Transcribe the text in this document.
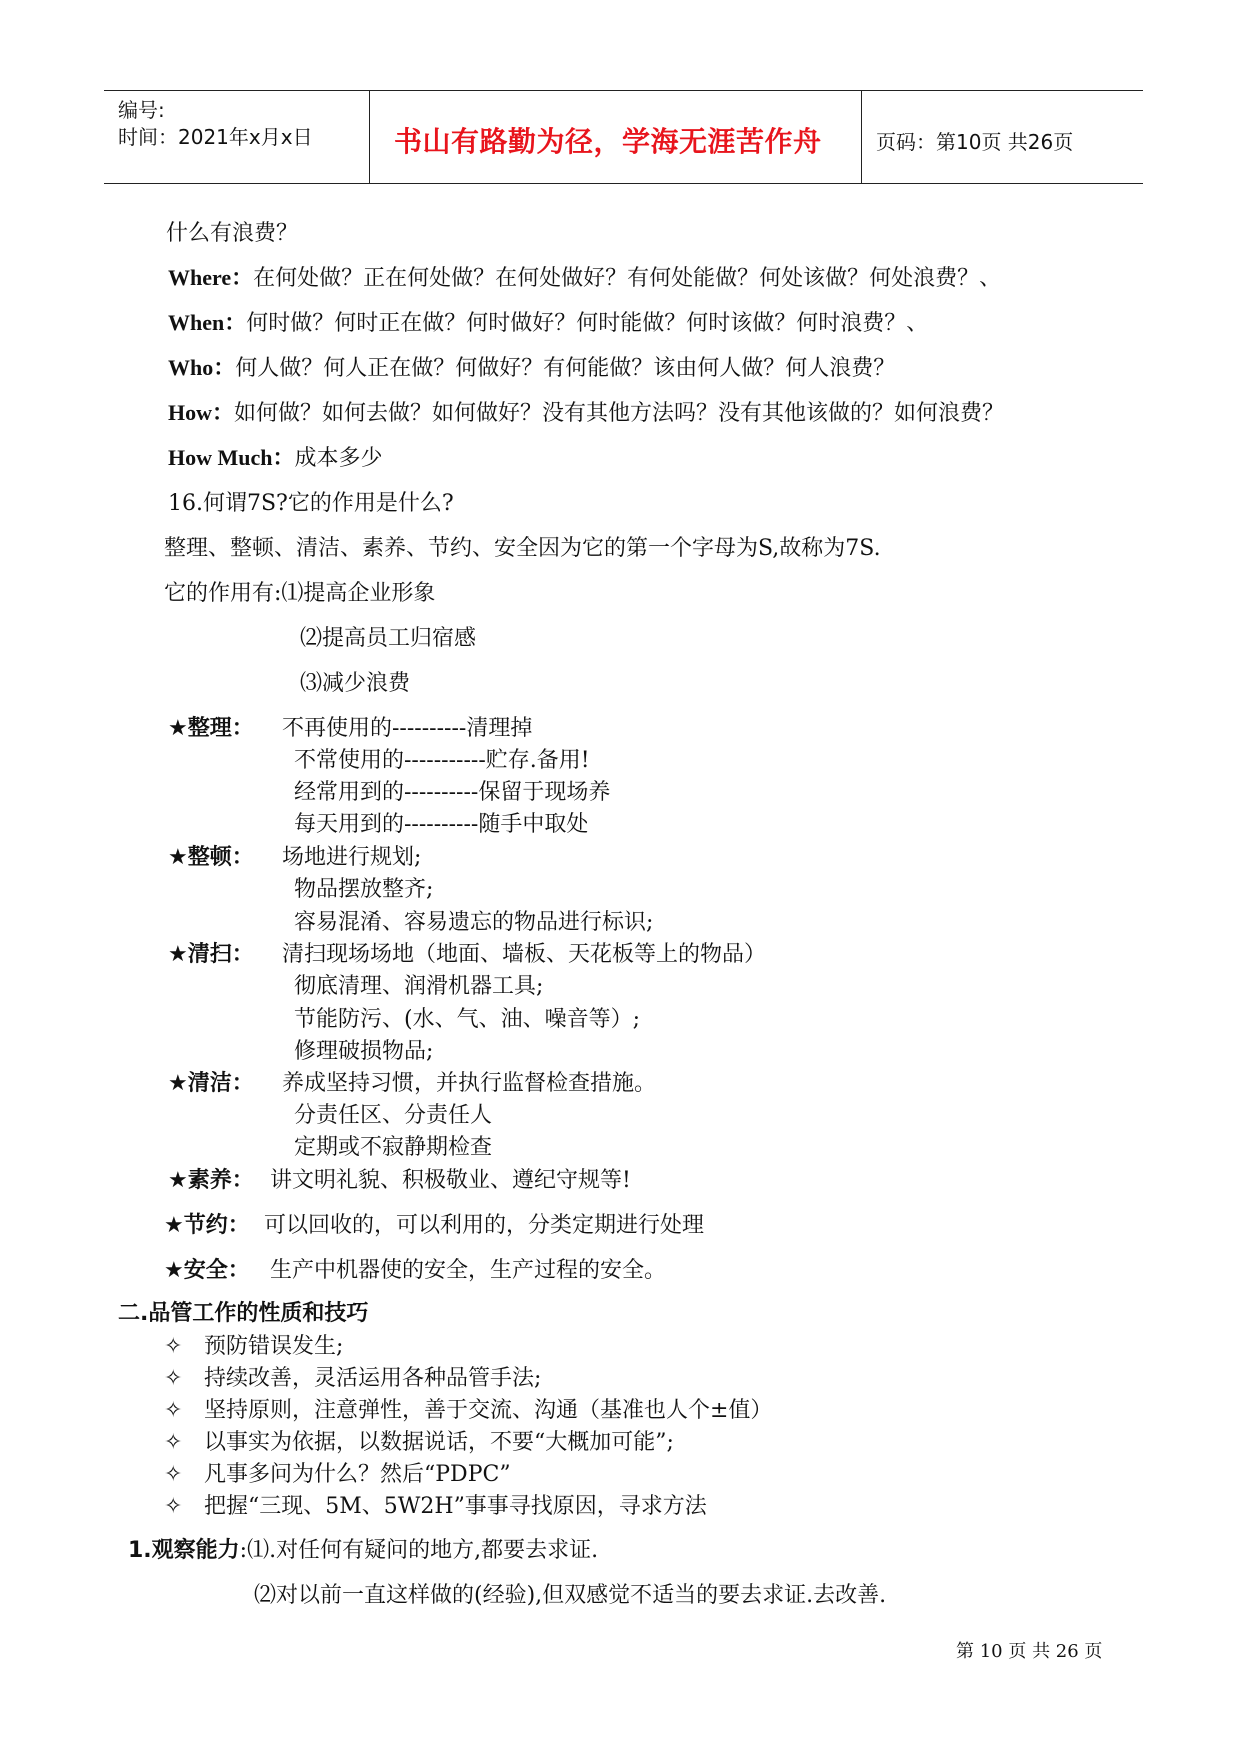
编号:
时间：2021年x月x日	书山有路勤为径，学海无涯苦作舟	页码：第10页 共26页
什么有浪费？
Where：在何处做？正在何处做？在何处做好？有何处能做？何处该做？何处浪费？、
When：何时做？何时正在做？何时做好？何时能做？何时该做？何时浪费？、
Who：何人做？何人正在做？何做好？有何能做？该由何人做？何人浪费？
How：如何做？如何去做？如何做好？没有其他方法吗？没有其他该做的？如何浪费？
How Much：成本多少
16.何谓7S?它的作用是什么?
整理、整顿、清洁、素养、节约、安全因为它的第一个字母为S,故称为7S.
它的作用有:⑴提高企业形象
⑵提高员工归宿感
⑶减少浪费
★整理： 不再使用的----------清理掉
不常使用的-----------贮存.备用!
经常用到的----------保留于现场养
每天用到的----------随手中取处
★整顿： 场地进行规划;
物品摆放整齐;
容易混淆、容易遗忘的物品进行标识;
★清扫： 清扫现场场地（地面、墙板、天花板等上的物品）
彻底清理、润滑机器工具;
节能防污、(水、气、油、噪音等）;
修理破损物品;
★清洁： 养成坚持习惯，并执行监督检查措施。
分责任区、分责任人
定期或不寂静期检查
★素养： 讲文明礼貌、积极敬业、遵纪守规等!
★节约： 可以回收的，可以利用的，分类定期进行处理
★安全： 生产中机器使的安全，生产过程的安全。
二.品管工作的性质和技巧
✧ 预防错误发生;
✧ 持续改善，灵活运用各种品管手法;
✧ 坚持原则，注意弹性，善于交流、沟通（基准也人个±值）
✧ 以事实为依据，以数据说话，不要“大概加可能”;
✧ 凡事多问为什么？然后“PDPC”
✧ 把握“三现、5M、5W2H”事事寻找原因，寻求方法
1.观察能力:⑴.对任何有疑问的地方,都要去求证.
⑵对以前一直这样做的(经验),但双感觉不适当的要去求证.去改善.
第 10 页 共 26 页
